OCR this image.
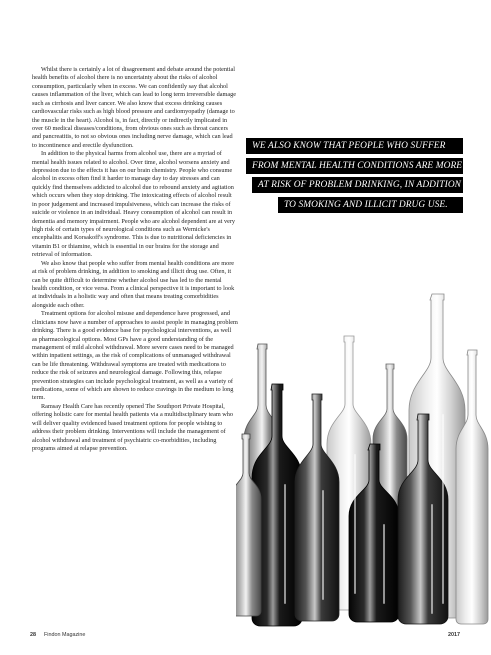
Whilst there is certainly a lot of disagreement and debate around the potential health benefits of alcohol there is no uncertainty about the risks of alcohol consumption, particularly when in excess. We can confidently say that alcohol causes inflammation of the liver, which can lead to long term irreversible damage such as cirrhosis and liver cancer. We also know that excess drinking causes cardiovascular risks such as high blood pressure and cardiomyopathy (damage to the muscle in the heart). Alcohol is, in fact, directly or indirectly implicated in over 60 medical diseases/conditions, from obvious ones such as throat cancers and pancreatitis, to not so obvious ones including nerve damage, which can lead to incontinence and erectile dysfunction.

In addition to the physical harms from alcohol use, there are a myriad of mental health issues related to alcohol. Over time, alcohol worsens anxiety and depression due to the effects it has on our brain chemistry. People who consume alcohol in excess often find it harder to manage day to day stresses and can quickly find themselves addicted to alcohol due to rebound anxiety and agitation which occurs when they stop drinking. The intoxicating effects of alcohol result in poor judgement and increased impulsiveness, which can increase the risks of suicide or violence in an individual. Heavy consumption of alcohol can result in dementia and memory impairment. People who are alcohol dependent are at very high risk of certain types of neurological conditions such as Wernicke's encephalitis and Korsakoff's syndrome. This is due to nutritional deficiencies in vitamin B1 or thiamine, which is essential in our brains for the storage and retrieval of information.

We also know that people who suffer from mental health conditions are more at risk of problem drinking, in addition to smoking and illicit drug use. Often, it can be quite difficult to determine whether alcohol use has led to the mental health condition, or vice versa. From a clinical perspective it is important to look at individuals in a holistic way and often that means treating comorbidities alongside each other.

Treatment options for alcohol misuse and dependence have progressed, and clinicians now have a number of approaches to assist people in managing problem drinking. There is a good evidence base for psychological interventions, as well as pharmacological options. Most GPs have a good understanding of the management of mild alcohol withdrawal. More severe cases need to be managed within inpatient settings, as the risk of complications of unmanaged withdrawal can be life threatening. Withdrawal symptoms are treated with medications to reduce the risk of seizures and neurological damage. Following this, relapse prevention strategies can include psychological treatment, as well as a variety of medications, some of which are shown to reduce cravings in the medium to long term.

Ramsay Health Care has recently opened The Southport Private Hospital, offering holistic care for mental health patients via a multidisciplinary team who will deliver quality evidenced based treatment options for people wishing to address their problem drinking. Interventions will include the management of alcohol withdrawal and treatment of psychiatric co-morbidities, including programs aimed at relapse prevention.

WE ALSO KNOW THAT PEOPLE WHO SUFFER
FROM MENTAL HEALTH CONDITIONS ARE MORE
AT RISK OF PROBLEM DRINKING, IN ADDITION
TO SMOKING AND ILLICIT DRUG USE.
28 Findon Magazine	2017
